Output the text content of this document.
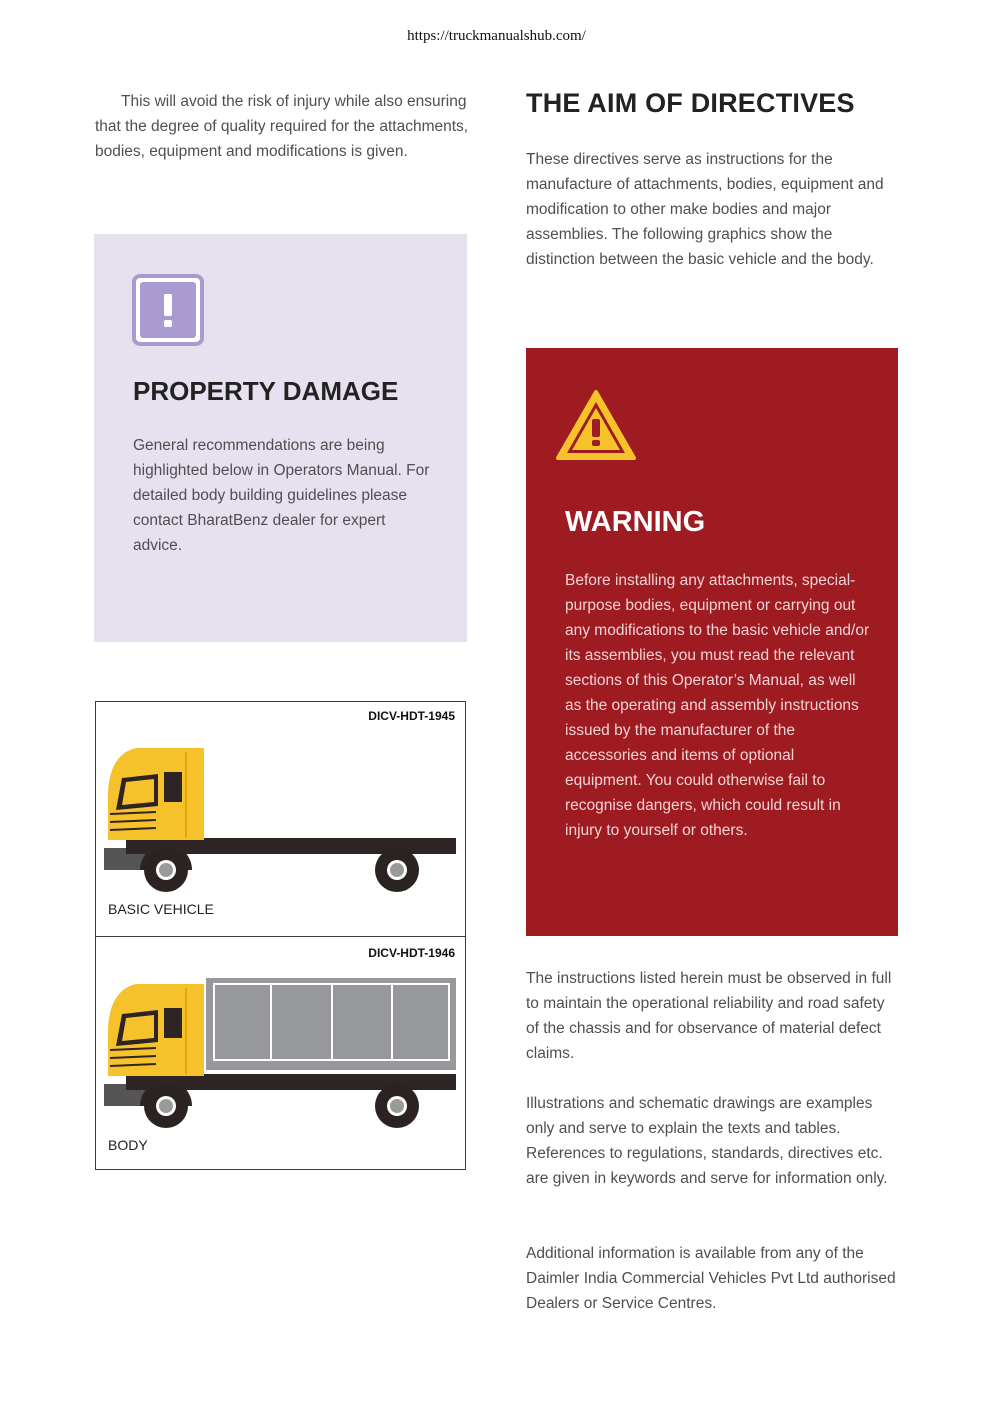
https://truckmanualshub.com/

This will avoid the risk of injury while also ensuring that the degree of quality required for the attachments, bodies, equipment and modifications is given.

THE AIM OF DIRECTIVES

These directives serve as instructions for the manufacture of attachments, bodies, equipment and modification to other make bodies and major assemblies. The following graphics show the distinction between the basic vehicle and the body.

PROPERTY DAMAGE

General recommendations are being highlighted below in Operators Manual. For detailed body building guidelines please contact BharatBenz dealer for expert advice.

WARNING

Before installing any attachments, special-purpose bodies, equipment or carrying out any modifications to the basic vehicle and/or its assemblies, you must read the relevant sections of this Operator’s Manual, as well as the operating and assembly instructions issued by the manufacturer of the accessories and items of optional equipment. You could otherwise fail to recognise dangers, which could result in injury to yourself or others.

DICV-HDT-1945
BASIC VEHICLE
DICV-HDT-1946
BODY

The instructions listed herein must be observed in full to maintain the operational reliability and road safety of the chassis and for observance of material defect claims.

Illustrations and schematic drawings are examples only and serve to explain the texts and tables. References to regulations, standards, directives etc. are given in keywords and serve for information only.

Additional information is available from any of the Daimler India Commercial Vehicles Pvt Ltd authorised Dealers or Service Centres.
